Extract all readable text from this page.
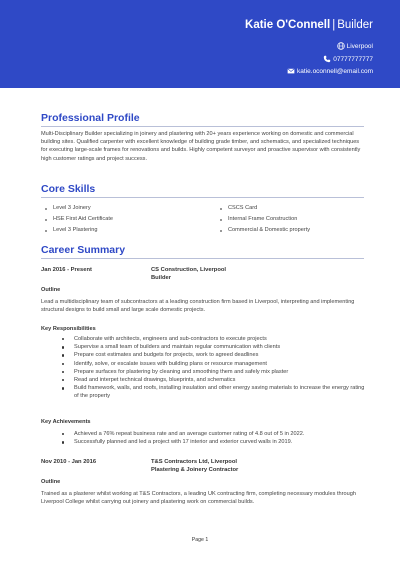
Katie O'Connell | Builder
Liverpool
07777777777
katie.oconnell@email.com
Professional Profile
Multi-Disciplinary Builder specializing in joinery and plastering with 20+ years experience working on domestic and commercial building sites. Qualified carpenter with excellent knowledge of building grade timber, and schematics, and specialized techniques for executing large-scale frames for renovations and builds. Highly competent surveyor and proactive supervisor with consistently high customer ratings and project success.
Core Skills
Level 3 Joinery
HSE First Aid Certificate
Level 3 Plastering
CSCS Card
Internal Frame Construction
Commercial & Domestic property
Career Summary
Jan 2016 - Present	CS Construction, Liverpool
Builder
Outline
Lead a multidisciplinary team of subcontractors at a leading construction firm based in Liverpool, interpreting and implementing structural designs to build small and large scale domestic projects.
Key Responsibilities
Collaborate with architects, engineers and sub-contractors to execute projects
Supervise a small team of builders and maintain regular communication with clients
Prepare cost estimates and budgets for projects, work to agreed deadlines
Identify, solve, or escalate issues with building plans or resource management
Prepare surfaces for plastering by cleaning and smoothing them and safely mix plaster
Read and interpet technical drawings, blueprints, and schematics
Build framework, walls, and roofs, installing insulation and other energy saving materials to increase the energy rating of the property
Key Achievements
Achieved a 76% repeat business rate and an average customer rating of 4.8 out of 5 in 2022.
Successfully planned and led a project with 17 interior and exterior curved walls in 2019.
Nov 2010 - Jan 2016	T&S Contractors Ltd, Liverpool
Plastering & Joinery Contractor
Outline
Trained as a plasterer whilst working at T&S Contractors, a leading UK contracting firm, completing necessary modules through Liverpool College whilst carrying out joinery and plastering work on commercial builds.
Page 1
